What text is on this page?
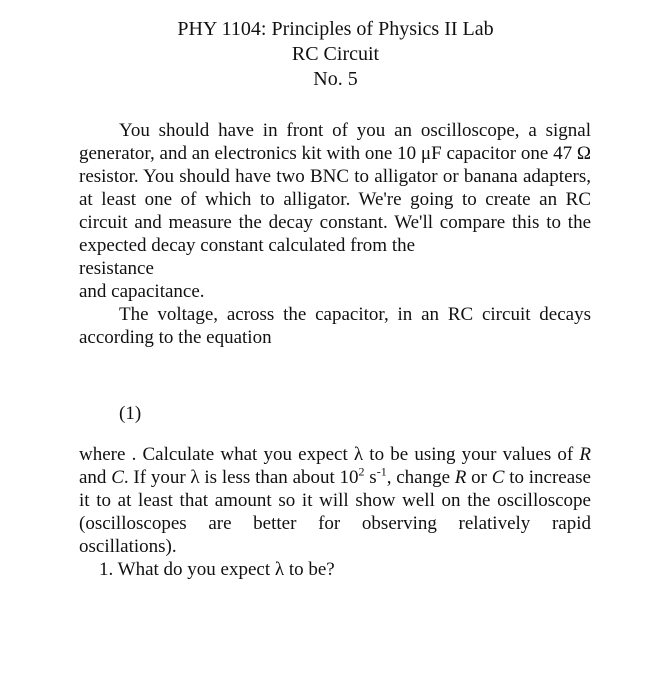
PHY 1104: Principles of Physics II Lab
RC Circuit
No. 5

You should have in front of you an oscilloscope, a signal generator, and an electronics kit with one 10 μF capacitor one 47 Ω resistor. You should have two BNC to alligator or banana adapters, at least one of which to alligator. We're going to create an RC circuit and measure the decay constant. We'll compare this to the expected decay constant calculated from the

resistance

and capacitance.

The voltage, across the capacitor, in an RC circuit decays according to the equation

(1)

where . Calculate what you expect λ to be using your values of R and C. If your λ is less than about $10^2$ $s^{-1}$, change R or C to increase it to at least that amount so it will show well on the oscilloscope (oscilloscopes are better for observing relatively rapid oscillations).

1. What do you expect λ to be?
